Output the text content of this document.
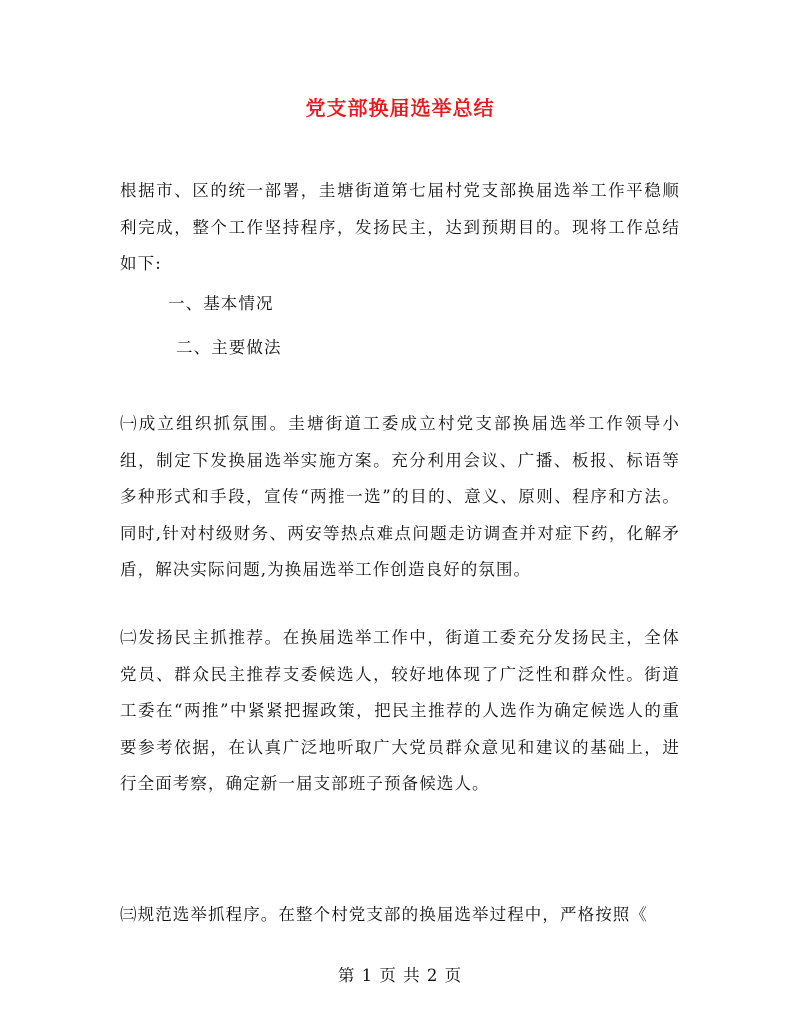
党支部换届选举总结

根据市、区的统一部署，圭塘街道第七届村党支部换届选举工作平稳顺利完成，整个工作坚持程序，发扬民主，达到预期目的。现将工作总结如下:

一、基本情况

二、主要做法

㈠成立组织抓氛围。圭塘街道工委成立村党支部换届选举工作领导小组，制定下发换届选举实施方案。充分利用会议、广播、板报、标语等多种形式和手段，宣传“两推一选”的目的、意义、原则、程序和方法。同时,针对村级财务、两安等热点难点问题走访调查并对症下药，化解矛盾，解决实际问题,为换届选举工作创造良好的氛围。

㈡发扬民主抓推荐。在换届选举工作中，街道工委充分发扬民主，全体党员、群众民主推荐支委候选人，较好地体现了广泛性和群众性。街道工委在“两推”中紧紧把握政策，把民主推荐的人选作为确定候选人的重要参考依据，在认真广泛地听取广大党员群众意见和建议的基础上，进行全面考察，确定新一届支部班子预备候选人。

㈢规范选举抓程序。在整个村党支部的换届选举过程中，严格按照《

第 1 页 共 2 页
